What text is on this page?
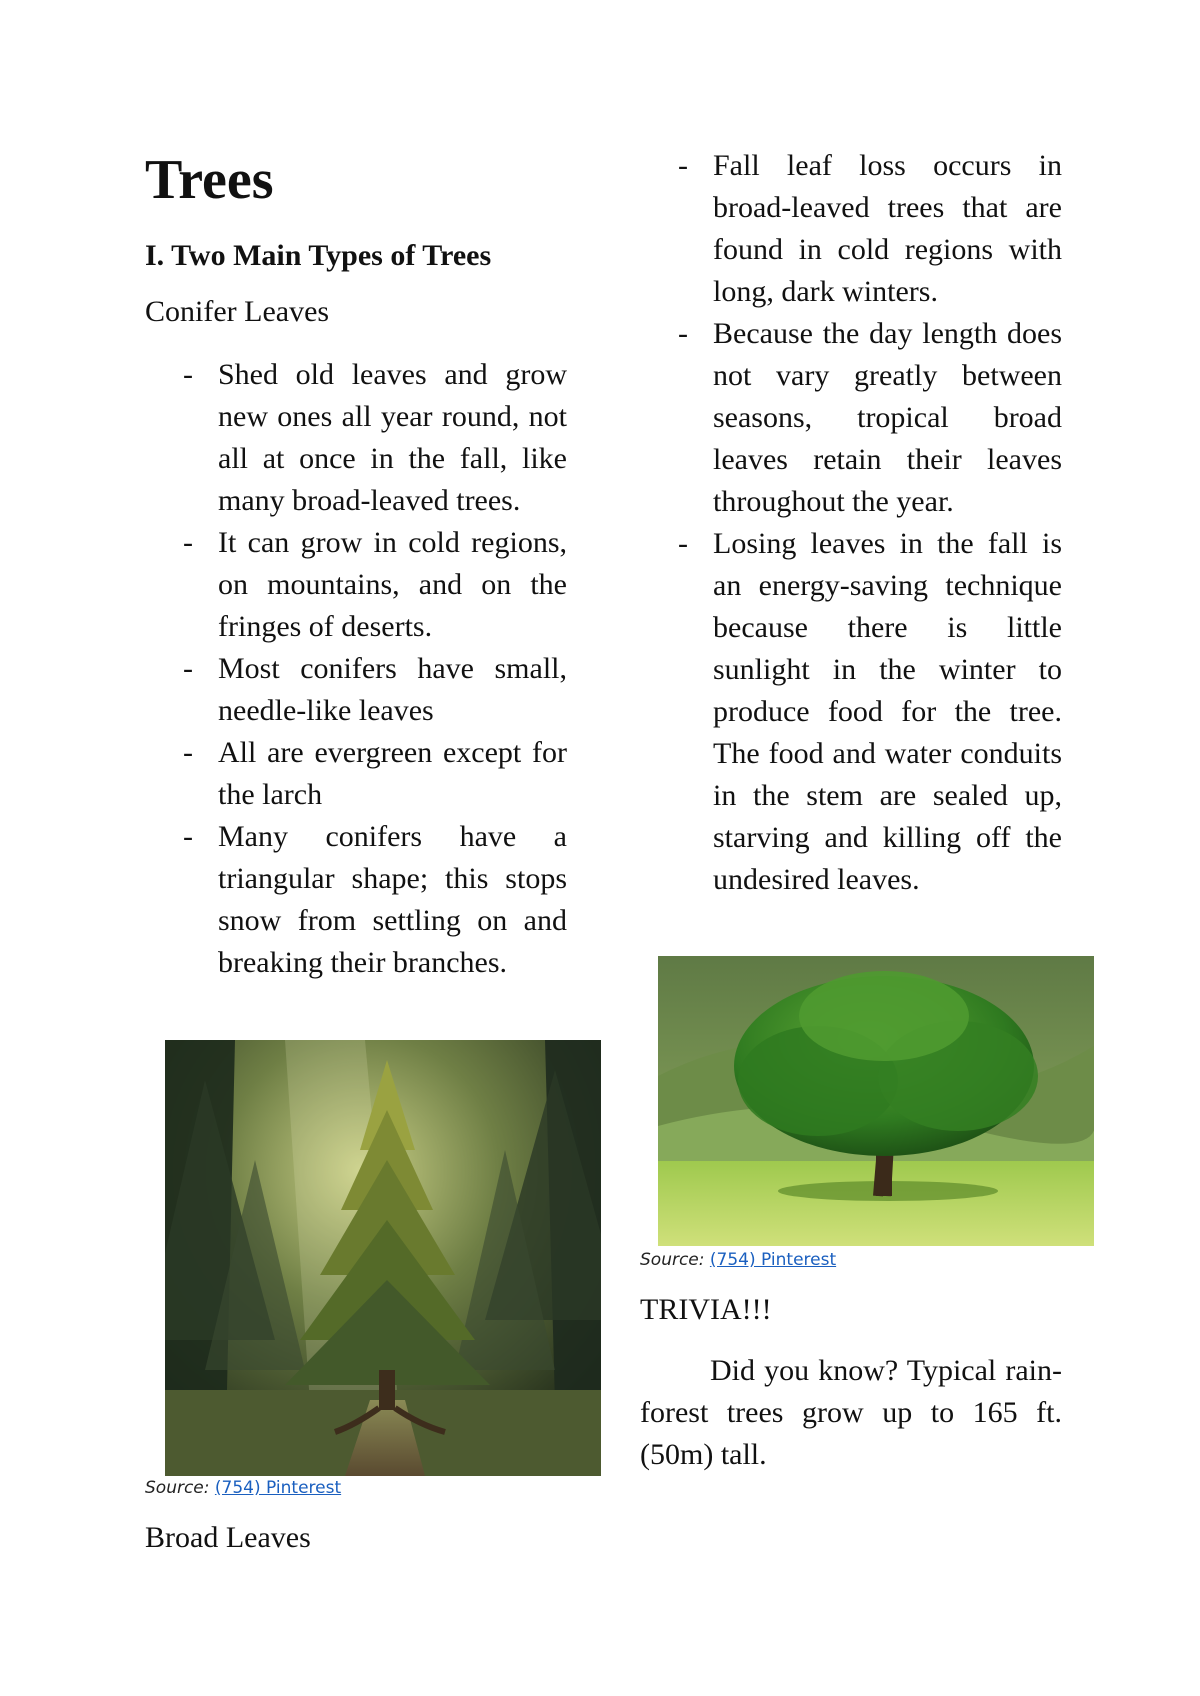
Trees
I. Two Main Types of Trees

Conifer Leaves

- Shed old leaves and grow new ones all year round, not all at once in the fall, like many broad-leaved trees.
- It can grow in cold regions, on mountains, and on the fringes of deserts.
- Most conifers have small, needle-like leaves
- All are evergreen except for the larch
- Many conifers have a triangular shape; this stops snow from settling on and breaking their branches.
Source: (754) Pinterest

Broad Leaves

- Fall leaf loss occurs in broad-leaved trees that are found in cold regions with long, dark winters.
- Because the day length does not vary greatly between seasons, tropical broad leaves retain their leaves throughout the year.
- Losing leaves in the fall is an energy-saving technique because there is little sunlight in the winter to produce food for the tree. The food and water conduits in the stem are sealed up, starving and killing off the undesired leaves.
Source: (754) Pinterest

TRIVIA!!!

Did you know? Typical rain-forest trees grow up to 165 ft. (50m) tall.
